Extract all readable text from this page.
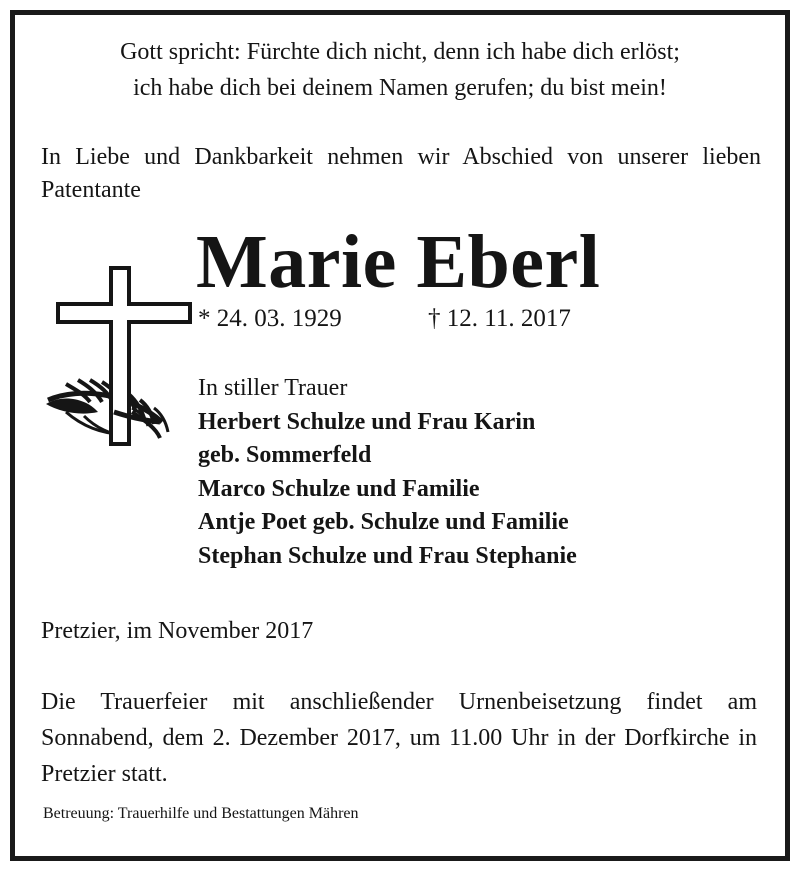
Gott spricht: Fürchte dich nicht, denn ich habe dich erlöst;
ich habe dich bei deinem Namen gerufen; du bist mein!

In Liebe und Dankbarkeit nehmen wir Abschied von unserer lieben Patentante

Marie Eberl
* 24. 03. 1929	† 12. 11. 2017
In stiller Trauer
Herbert Schulze und Frau Karin
geb. Sommerfeld
Marco Schulze und Familie
Antje Poet geb. Schulze und Familie
Stephan Schulze und Frau Stephanie
Pretzier, im November 2017

Die Trauerfeier mit anschließender Urnenbeisetzung findet am Sonnabend, dem 2. Dezember 2017, um 11.00 Uhr in der Dorfkirche in Pretzier statt.

Betreuung: Trauerhilfe und Bestattungen Mähren
